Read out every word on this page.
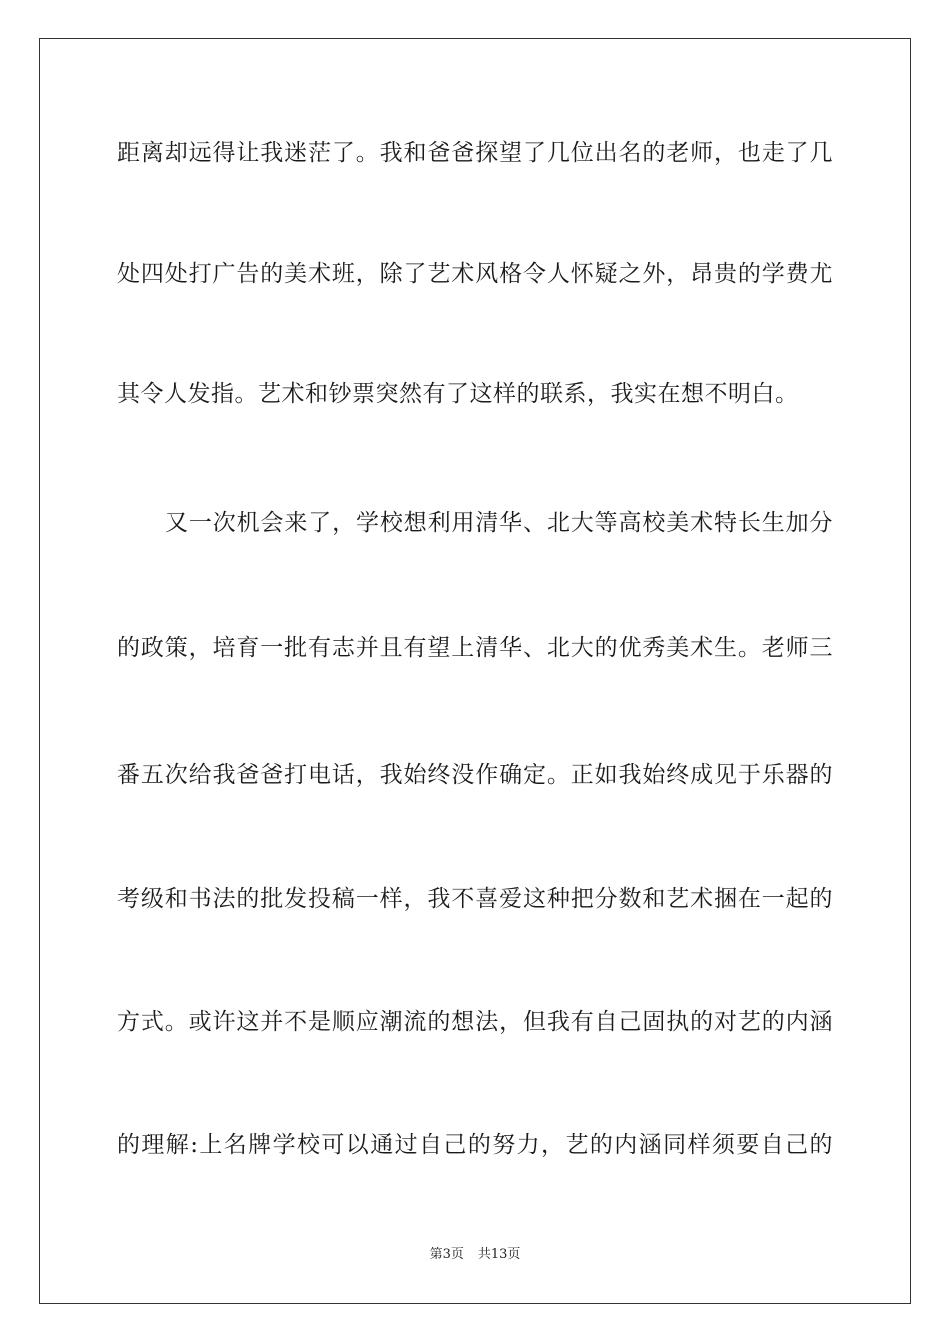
距离却远得让我迷茫了。我和爸爸探望了几位出名的老师，也走了几
处四处打广告的美术班，除了艺术风格令人怀疑之外，昂贵的学费尤
其令人发指。艺术和钞票突然有了这样的联系，我实在想不明白。
又一次机会来了，学校想利用清华、北大等高校美术特长生加分
的政策，培育一批有志并且有望上清华、北大的优秀美术生。老师三
番五次给我爸爸打电话，我始终没作确定。正如我始终成见于乐器的
考级和书法的批发投稿一样，我不喜爱这种把分数和艺术捆在一起的
方式。或许这并不是顺应潮流的想法，但我有自己固执的对艺的内涵
的理解:上名牌学校可以通过自己的努力，艺的内涵同样须要自己的
第3页 共13页
